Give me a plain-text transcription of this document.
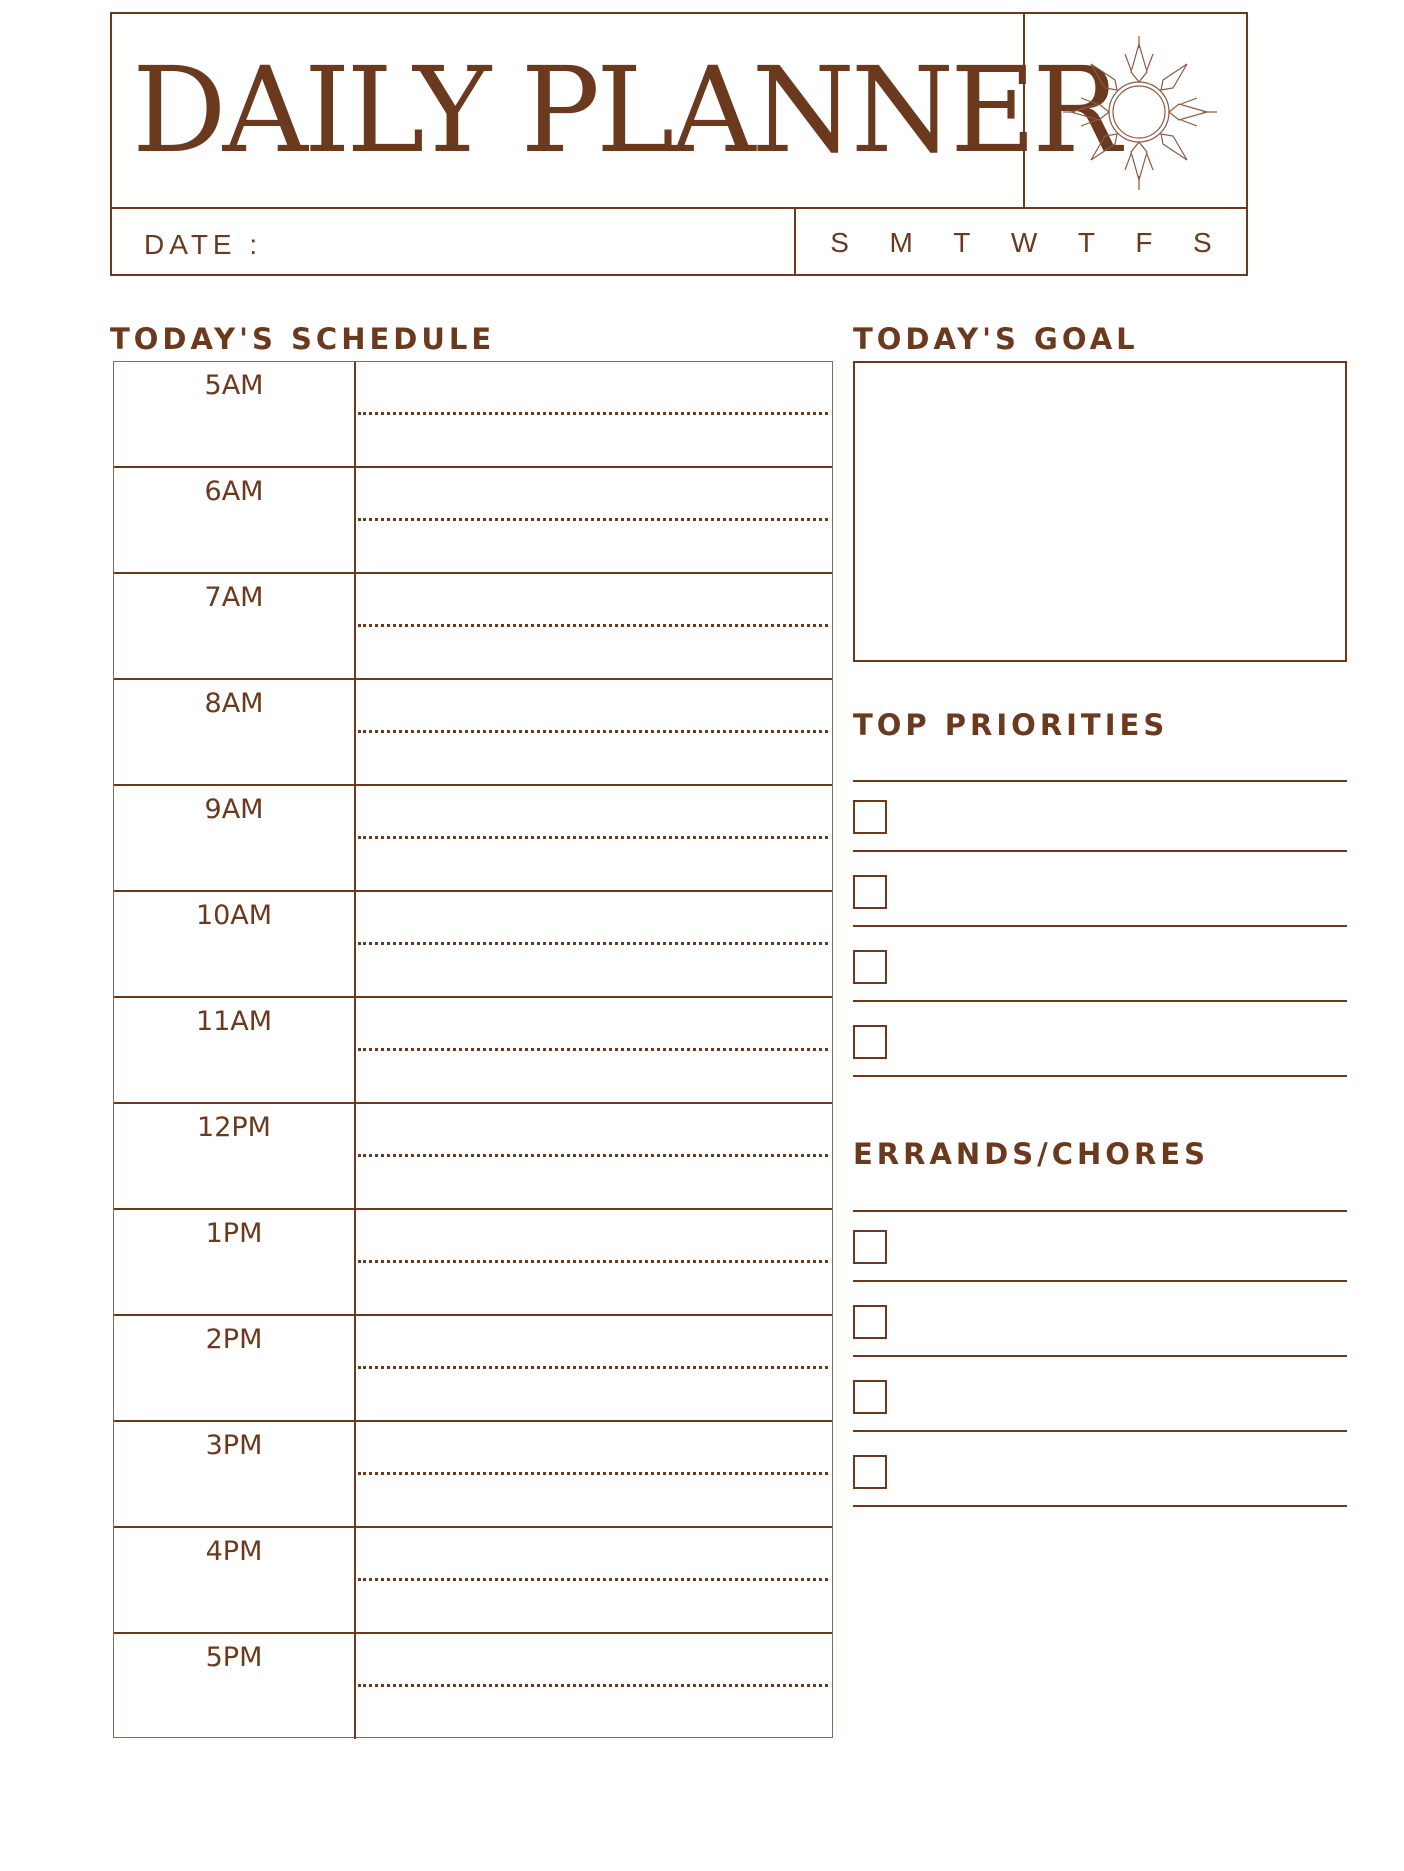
DAILY PLANNER
DATE :	S M T W T F S
TODAY'S SCHEDULE	TODAY'S GOAL
TOP PRIORITIES
ERRANDS/CHORES
5AM
6AM
7AM
8AM
9AM
10AM
11AM
12PM
1PM
2PM
3PM
4PM
5PM
